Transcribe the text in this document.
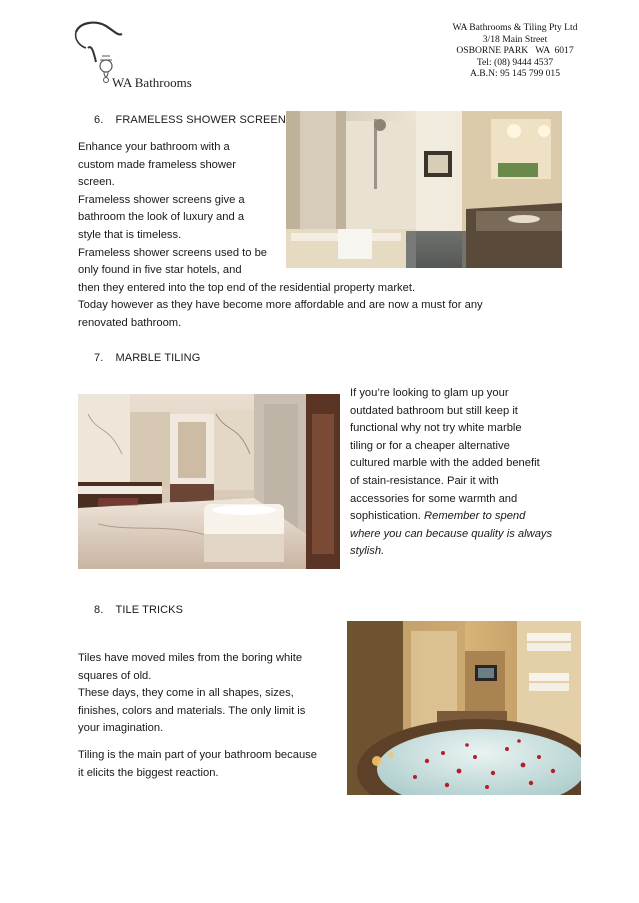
WA Bathrooms
WA Bathrooms & Tiling Pty Ltd
3/18 Main Street
OSBORNE PARK   WA  6017
Tel: (08) 9444 4537
A.B.N: 95 145 799 015
6. FRAMELESS SHOWER SCREEN
Enhance your bathroom with a
custom made frameless shower
screen.
Frameless shower screens give a
bathroom the look of luxury and a
style that is timeless.
Frameless shower screens used to be
only found in five star hotels, and
then they entered into the top end of the residential property market.
Today however as they have become more affordable and are now a must for any
renovated bathroom.
7. MARBLE TILING
If you’re looking to glam up your
outdated bathroom but still keep it
functional why not try white marble
tiling or for a cheaper alternative
cultured marble with the added benefit
of stain-resistance. Pair it with
accessories for some warmth and
sophistication. Remember to spend
where you can because quality is always
stylish.
8. TILE TRICKS
Tiles have moved miles from the boring white
squares of old.
These days, they come in all shapes, sizes,
finishes, colors and materials. The only limit is
your imagination.
Tiling is the main part of your bathroom because
it elicits the biggest reaction.
